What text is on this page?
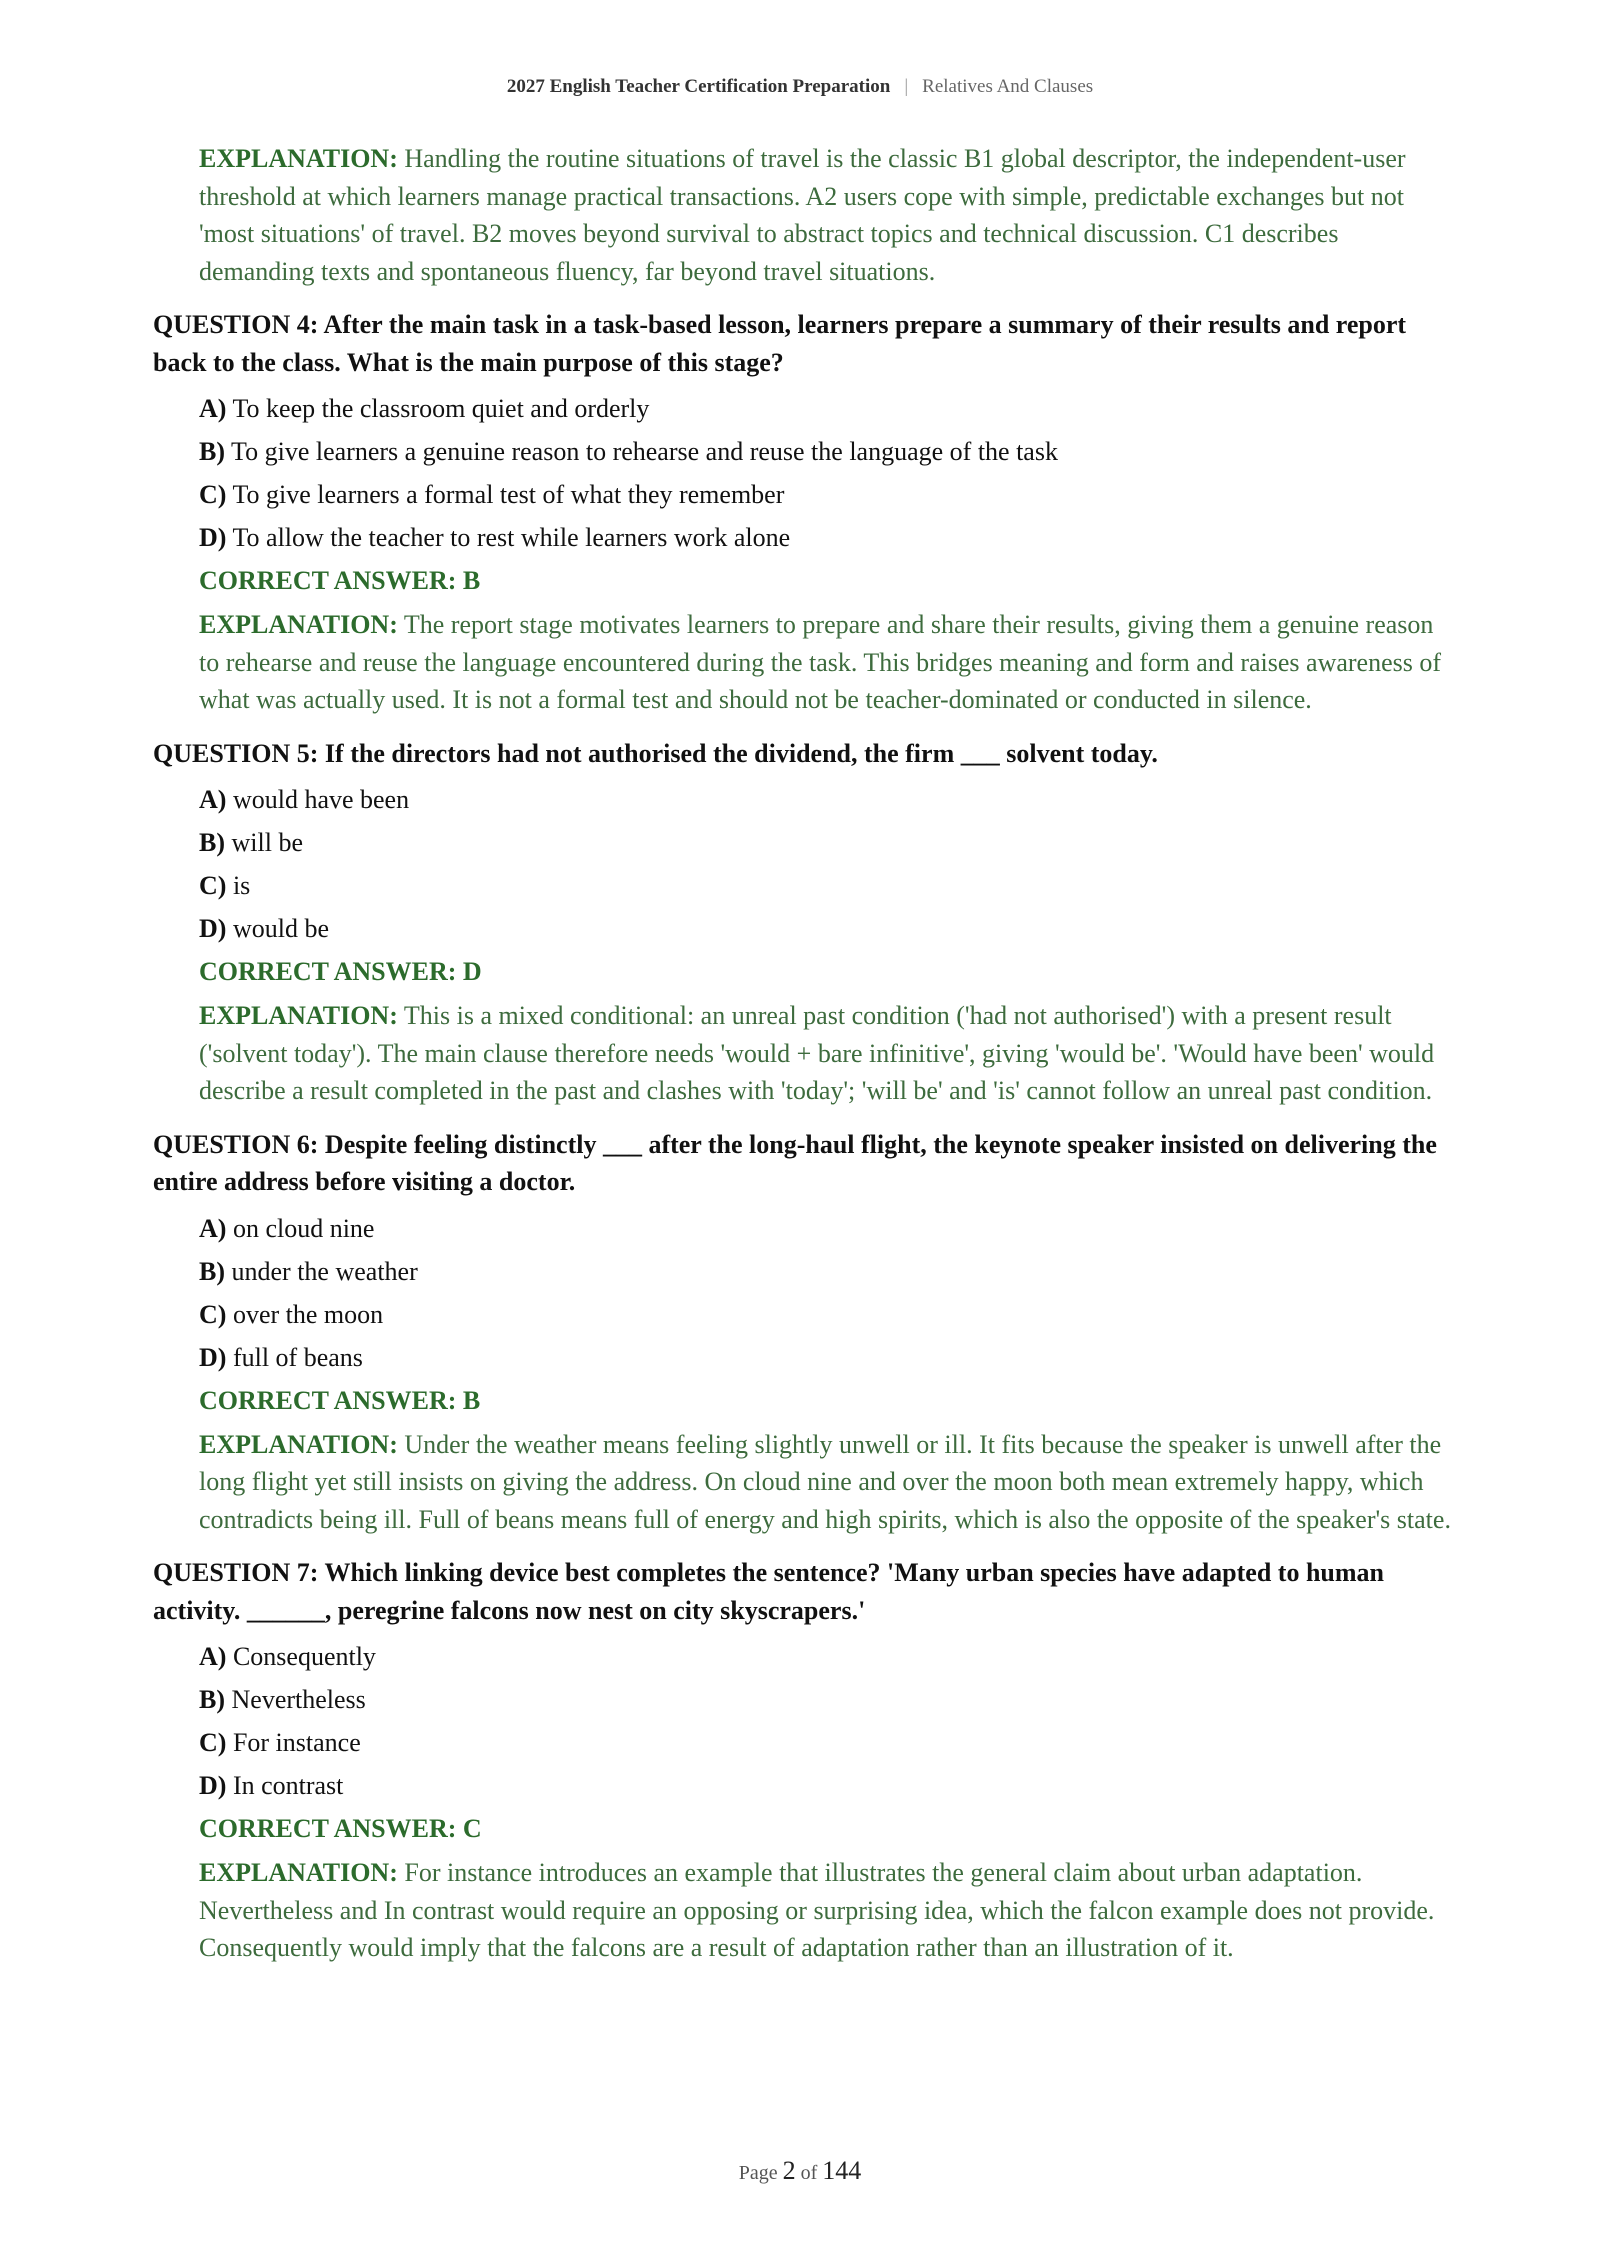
2027 English Teacher Certification Preparation | Relatives And Clauses
EXPLANATION: Handling the routine situations of travel is the classic B1 global descriptor, the independent-user threshold at which learners manage practical transactions. A2 users cope with simple, predictable exchanges but not 'most situations' of travel. B2 moves beyond survival to abstract topics and technical discussion. C1 describes demanding texts and spontaneous fluency, far beyond travel situations.
QUESTION 4: After the main task in a task-based lesson, learners prepare a summary of their results and report back to the class. What is the main purpose of this stage?
A) To keep the classroom quiet and orderly
B) To give learners a genuine reason to rehearse and reuse the language of the task
C) To give learners a formal test of what they remember
D) To allow the teacher to rest while learners work alone
CORRECT ANSWER: B
EXPLANATION: The report stage motivates learners to prepare and share their results, giving them a genuine reason to rehearse and reuse the language encountered during the task. This bridges meaning and form and raises awareness of what was actually used. It is not a formal test and should not be teacher-dominated or conducted in silence.
QUESTION 5: If the directors had not authorised the dividend, the firm ___ solvent today.
A) would have been
B) will be
C) is
D) would be
CORRECT ANSWER: D
EXPLANATION: This is a mixed conditional: an unreal past condition ('had not authorised') with a present result ('solvent today'). The main clause therefore needs 'would + bare infinitive', giving 'would be'. 'Would have been' would describe a result completed in the past and clashes with 'today'; 'will be' and 'is' cannot follow an unreal past condition.
QUESTION 6: Despite feeling distinctly ___ after the long-haul flight, the keynote speaker insisted on delivering the entire address before visiting a doctor.
A) on cloud nine
B) under the weather
C) over the moon
D) full of beans
CORRECT ANSWER: B
EXPLANATION: Under the weather means feeling slightly unwell or ill. It fits because the speaker is unwell after the long flight yet still insists on giving the address. On cloud nine and over the moon both mean extremely happy, which contradicts being ill. Full of beans means full of energy and high spirits, which is also the opposite of the speaker's state.
QUESTION 7: Which linking device best completes the sentence? 'Many urban species have adapted to human activity. ______, peregrine falcons now nest on city skyscrapers.'
A) Consequently
B) Nevertheless
C) For instance
D) In contrast
CORRECT ANSWER: C
EXPLANATION: For instance introduces an example that illustrates the general claim about urban adaptation. Nevertheless and In contrast would require an opposing or surprising idea, which the falcon example does not provide. Consequently would imply that the falcons are a result of adaptation rather than an illustration of it.
Page 2 of 144
